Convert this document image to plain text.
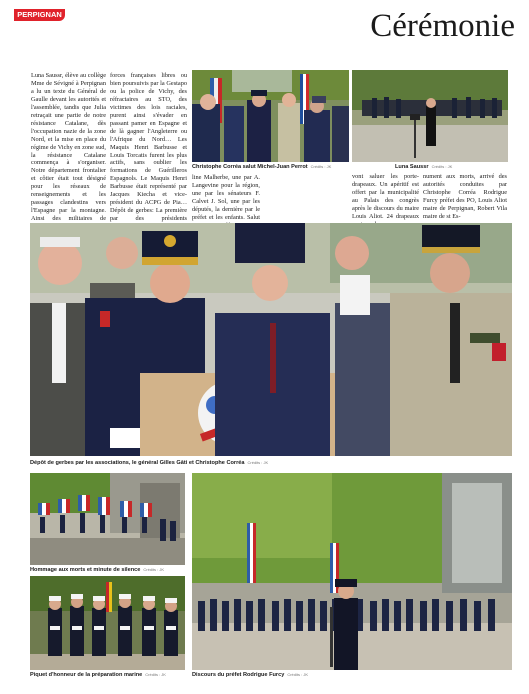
PERPIGNAN	Cérémonie
Luna Saussr, élève au collège Mme de Sévigné à Perpignan a lu un texte du Général de Gaulle devant les autorités et l'assemblée, tandis que Julia retraçait une partie de notre résistance Catalane, dès l'occupation nazie de la zone Nord, et la mise en place du régime de Vichy en zone sud, la résistance Catalane commença à s'organiser. Notre département frontalier et côtier était tout désigné pour les réseaux de renseignements et les passages clandestins vers l'Espagne par la montagne. Ainsi des militaires de
forces françaises libres ou bien poursuivis par la Gestapo ou la police de Vichy, des réfractaires au STO, des victimes des lois raciales, purent ainsi s'évader en passant pamer en Espagne et de là gagner l'Angleterre ou l'Afrique du Nord… Les Maquis Henri Barbusse et Louis Torcatis furent les plus actifs, sans oublier les formations de Guérilleros Espagnols. Le Maquis Henri Barbusse était représenté par Jacques Kiecha et vice-président du ACPG de Pia… Dépôt de gerbes: La première par des présidents
line Malherbe, une par A. Langevine pour la région, une par les sénateurs F. Calvet J. Sol, une par les députés, la dernière par le préfet et les enfants. Salut
vont saluer les porte-drapeaux. Un apéritif est offert par la municipalité au Palais des congrès après le discours du maire Louis Aliot. 24 drapeaux
nument aux morts, arrivé des autorités conduites par Christophe Corréa Rodrigue Furcy préfet des PO, Louis Aliot maire de Perpignan, Robert Vila maire de st Es-
Christophe Corréa salut Michel-Juan Perrot Crédits : JK	Luna Saussr Crédits : JK
Dépôt de gerbes par les associations, le général Gilles Gâti et Christophe Corréa Crédits : JK
Hommage aux morts et minute de silence Crédits : JK
Piquet d'honneur de la préparation marine Crédits : JK	Discours du préfet Rodrigue Furcy Crédits : JK
